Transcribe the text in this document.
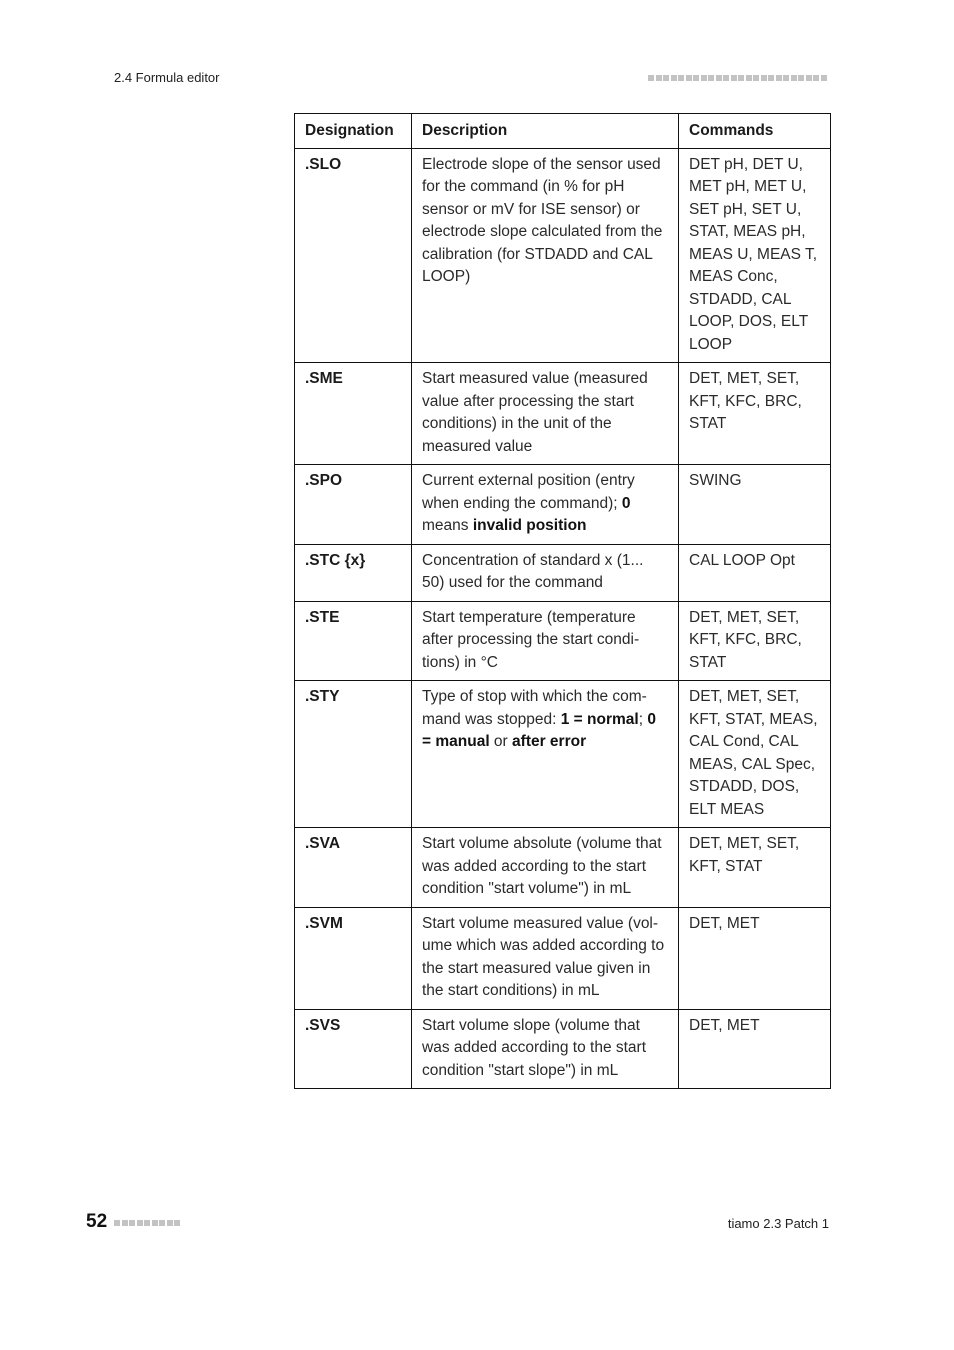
2.4 Formula editor
Designation	Description	Commands
.SLO	Electrode slope of the sensor used for the command (in % for pH sensor or mV for ISE sensor) or electrode slope calculated from the calibration (for STDADD and CAL LOOP)	DET pH, DET U, MET pH, MET U, SET pH, SET U, STAT, MEAS pH, MEAS U, MEAS T, MEAS Conc, STDADD, CAL LOOP, DOS, ELT LOOP
.SME	Start measured value (measured value after processing the start conditions) in the unit of the measured value	DET, MET, SET, KFT, KFC, BRC, STAT
.SPO	Current external position (entry when ending the command); 0 means invalid position	SWING
.STC {x}	Concentration of standard x (1... 50) used for the command	CAL LOOP Opt
.STE	Start temperature (temperature after processing the start condi- tions) in °C	DET, MET, SET, KFT, KFC, BRC, STAT
.STY	Type of stop with which the com- mand was stopped: 1 = normal; 0 = manual or after error	DET, MET, SET, KFT, STAT, MEAS, CAL Cond, CAL MEAS, CAL Spec, STDADD, DOS, ELT MEAS
.SVA	Start volume absolute (volume that was added according to the start condition "start volume") in mL	DET, MET, SET, KFT, STAT
.SVM	Start volume measured value (vol- ume which was added according to the start measured value given in the start conditions) in mL	DET, MET
.SVS	Start volume slope (volume that was added according to the start condition "start slope") in mL	DET, MET
52	tiamo 2.3 Patch 1
